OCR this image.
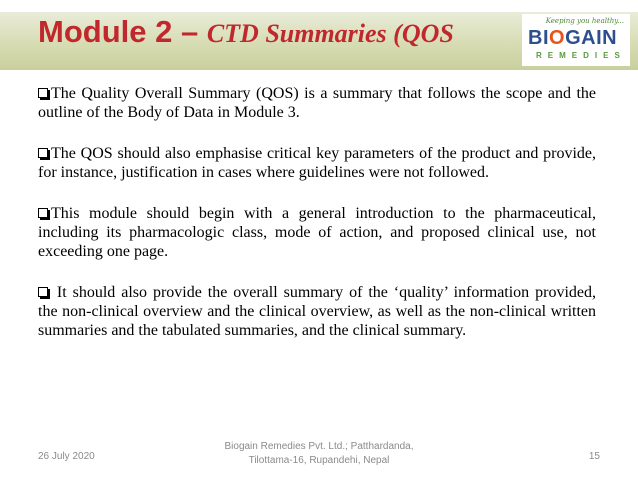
Module 2 – CTD Summaries (QOS	Keeping you healthy...
BIOGAIN
REMEDIES

The Quality Overall Summary (QOS) is a summary that follows the scope and the outline of the Body of Data in Module 3.

The QOS should also emphasise critical key parameters of the product and provide, for instance, justification in cases where guidelines were not followed.

This module should begin with a general introduction to the pharmaceutical, including its pharmacologic class, mode of action, and proposed clinical use, not exceeding one page.

It should also provide the overall summary of the ‘quality’ information provided, the non-clinical overview and the clinical overview, as well as the non-clinical written summaries and the tabulated summaries, and the clinical summary.

26 July 2020
Biogain Remedies Pvt. Ltd.; Patthardanda,
Tilottama-16, Rupandehi, Nepal	15
